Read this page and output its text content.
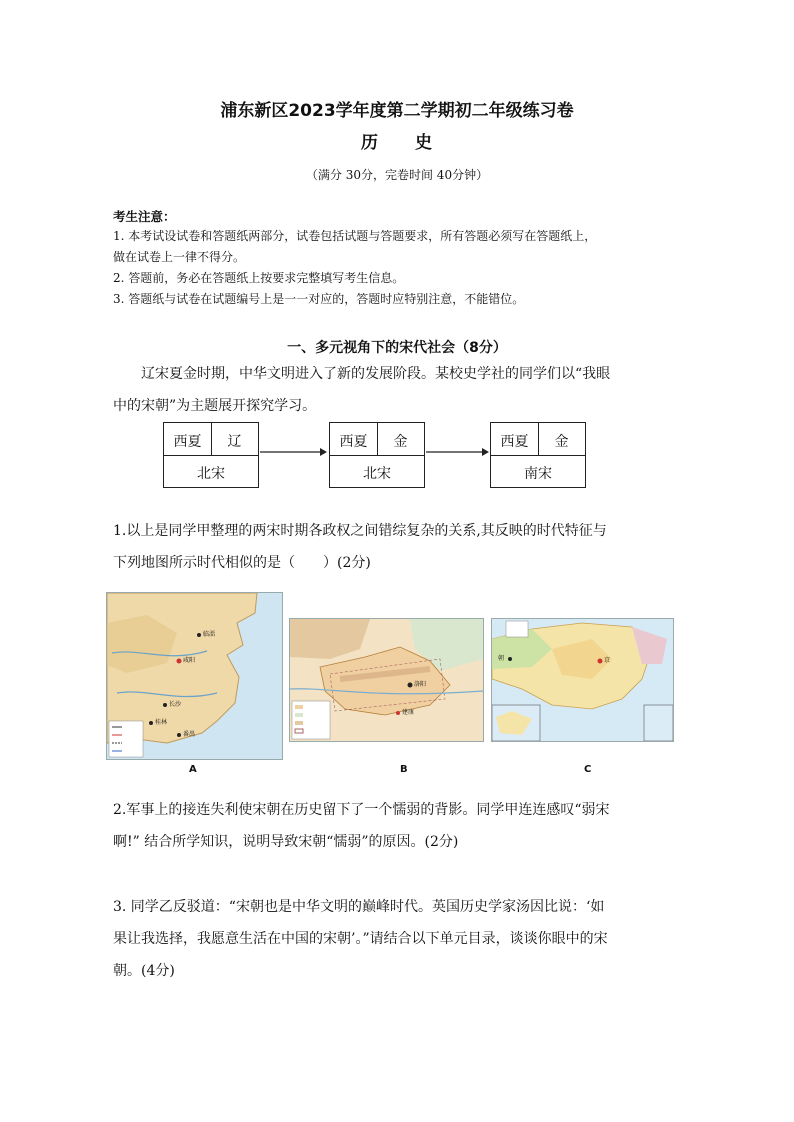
浦东新区2023学年度第二学期初二年级练习卷
历　　史
（满分 30分，完卷时间 40分钟）
考生注意：
1. 本考试设试卷和答题纸两部分，试卷包括试题与答题要求，所有答题必须写在答题纸上，
做在试卷上一律不得分。
2. 答题前，务必在答题纸上按要求完整填写考生信息。
3. 答题纸与试卷在试题编号上是一一对应的，答题时应特别注意，不能错位。
一、多元视角下的宋代社会（8分）
辽宋夏金时期，中华文明进入了新的发展阶段。某校史学社的同学们以“我眼
中的宋朝”为主题展开探究学习。
西夏	辽
北宋
西夏	金
北宋
西夏	金
南宋
1.以上是同学甲整理的两宋时期各政权之间错综复杂的关系,其反映的时代特征与
下列地图所示时代相似的是（　　）(2分)
临淄
咸阳
长沙
桂林
番禺
A
洛阳
建康
B
京
朝
C
2.军事上的接连失利使宋朝在历史留下了一个懦弱的背影。同学甲连连感叹“弱宋
啊!” 结合所学知识，说明导致宋朝“懦弱”的原因。(2分)
3. 同学乙反驳道：“宋朝也是中华文明的巅峰时代。英国历史学家汤因比说：‘如
果让我选择，我愿意生活在中国的宋朝’。”请结合以下单元目录，谈谈你眼中的宋
朝。(4分)
